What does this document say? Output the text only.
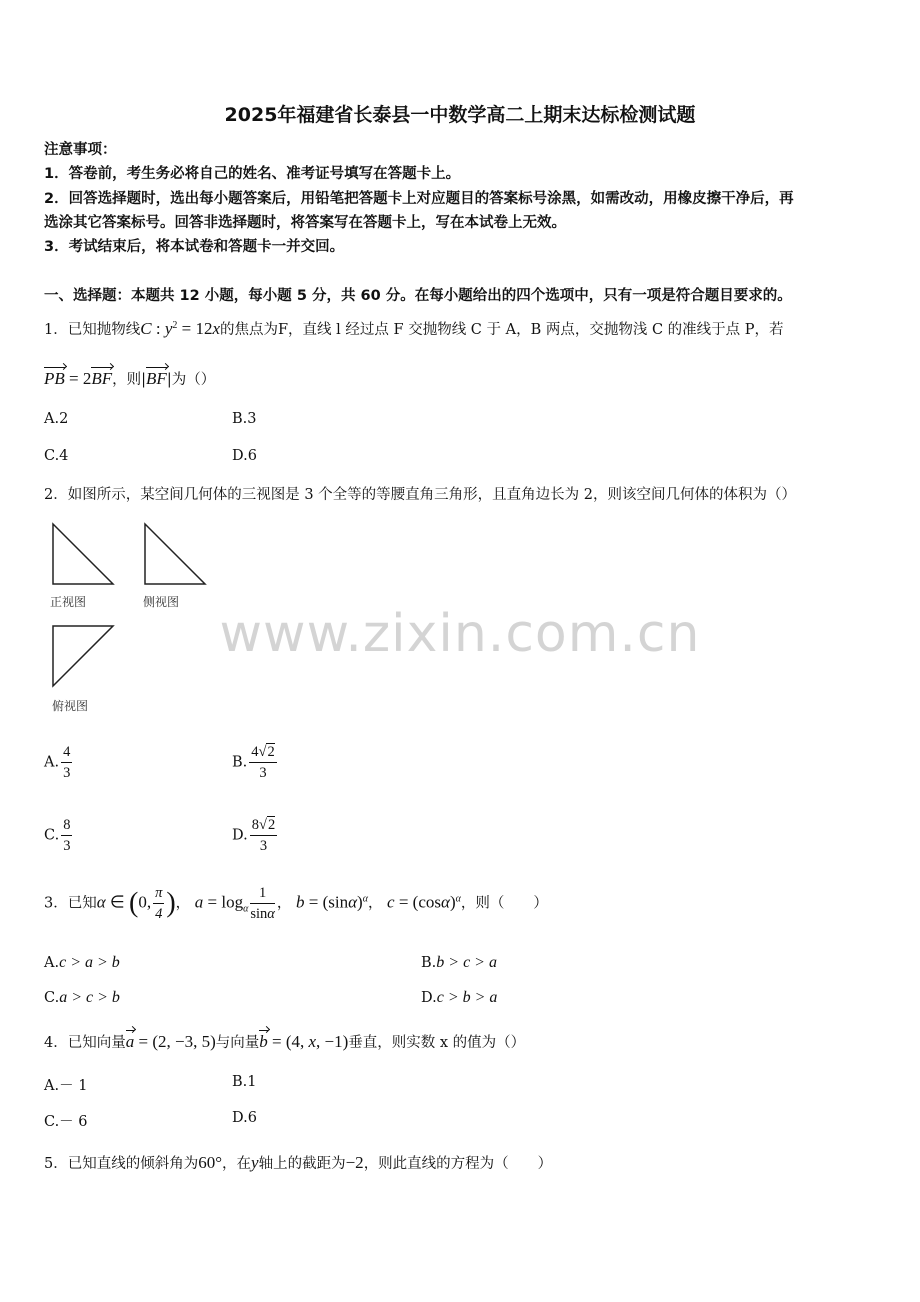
www.zixin.com.cn
2025年福建省长泰县一中数学高二上期末达标检测试题
注意事项：
1．答卷前，考生务必将自己的姓名、准考证号填写在答题卡上。
2．回答选择题时，选出每小题答案后，用铅笔把答题卡上对应题目的答案标号涂黑，如需改动，用橡皮擦干净后，再
选涂其它答案标号。回答非选择题时，将答案写在答题卡上，写在本试卷上无效。
3．考试结束后，将本试卷和答题卡一并交回。
一、选择题：本题共 12 小题，每小题 5 分，共 60 分。在每小题给出的四个选项中，只有一项是符合题目要求的。
1．已知抛物线C : $y^2 = 12x$的焦点为F，直线 l 经过点 F 交抛物线 C 于 A，B 两点，交抛物浅 C 的准线于点 P，若
PB = 2BF，则|BF|为（）
A.2	B.3
C.4	D.6
2．如图所示，某空间几何体的三视图是 3 个全等的等腰直角三角形，且直角边长为 2，则该空间几何体的体积为（）
正视图	侧视图
俯视图
A. $\frac{4}{3}$	B. $\frac{4√2}{3}$
C. $\frac{8}{3}$	D. $\frac{8√2}{3}$
3．已知α ∈ (0, $\frac{\pi}{4}$ )， $a = \log_\alpha \frac{1}{\sin\alpha}$ ， $b = (\sin\alpha)^\alpha$， $c = (\cos\alpha)^\alpha$，则（　　）
A.c > a > b	B.b > c > a
C.a > c > b	D.c > b > a
4．已知向量a = (2, −3, 5)与向量b = (4, x, −1)垂直，则实数 x 的值为（）
A.－ 1	B.1
C.－ 6	D.6
5．已知直线的倾斜角为60°，在y轴上的截距为−2，则此直线的方程为（　　）
